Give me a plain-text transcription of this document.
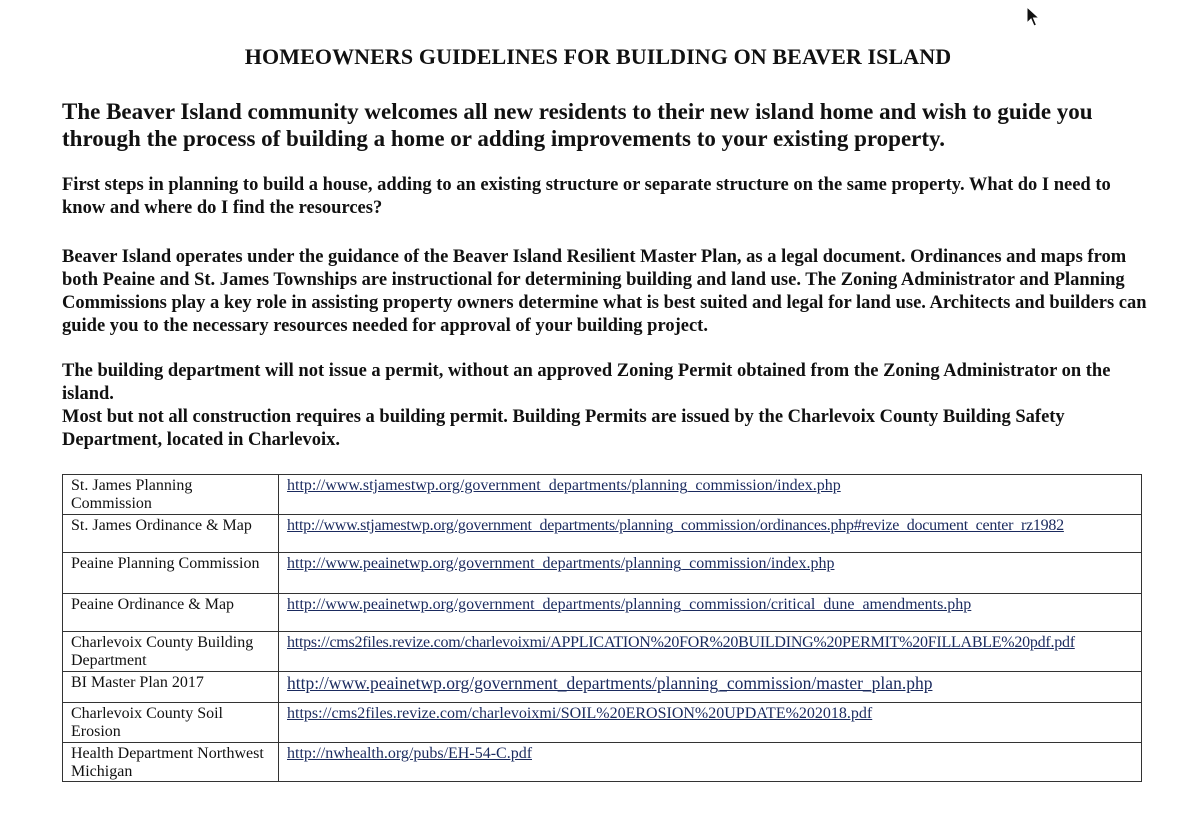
HOMEOWNERS GUIDELINES FOR BUILDING ON BEAVER ISLAND
The Beaver Island community welcomes all new residents to their new island home and wish to guide you through the process of building a home or adding improvements to your existing property.
First steps in planning to build a house, adding to an existing structure or separate structure on the same property. What do I need to know and where do I find the resources?
Beaver Island operates under the guidance of the Beaver Island Resilient Master Plan, as a legal document. Ordinances and maps from both Peaine and St. James Townships are instructional for determining building and land use. The Zoning Administrator and Planning Commissions play a key role in assisting property owners determine what is best suited and legal for land use. Architects and builders can guide you to the necessary resources needed for approval of your building project.
The building department will not issue a permit, without an approved Zoning Permit obtained from the Zoning Administrator on the island.
Most but not all construction requires a building permit. Building Permits are issued by the Charlevoix County Building Safety Department, located in Charlevoix.
St. James Planning Commission	http://www.stjamestwp.org/government_departments/planning_commission/index.php
St. James Ordinance & Map	http://www.stjamestwp.org/government_departments/planning_commission/ordinances.php#revize_document_center_rz1982
Peaine Planning Commission	http://www.peainetwp.org/government_departments/planning_commission/index.php
Peaine Ordinance & Map	http://www.peainetwp.org/government_departments/planning_commission/critical_dune_amendments.php
Charlevoix County Building Department	https://cms2files.revize.com/charlevoixmi/APPLICATION%20FOR%20BUILDING%20PERMIT%20FILLABLE%20pdf.pdf
BI Master Plan 2017	http://www.peainetwp.org/government_departments/planning_commission/master_plan.php
Charlevoix County Soil Erosion	https://cms2files.revize.com/charlevoixmi/SOIL%20EROSION%20UPDATE%202018.pdf
Health Department Northwest Michigan	http://nwhealth.org/pubs/EH-54-C.pdf
